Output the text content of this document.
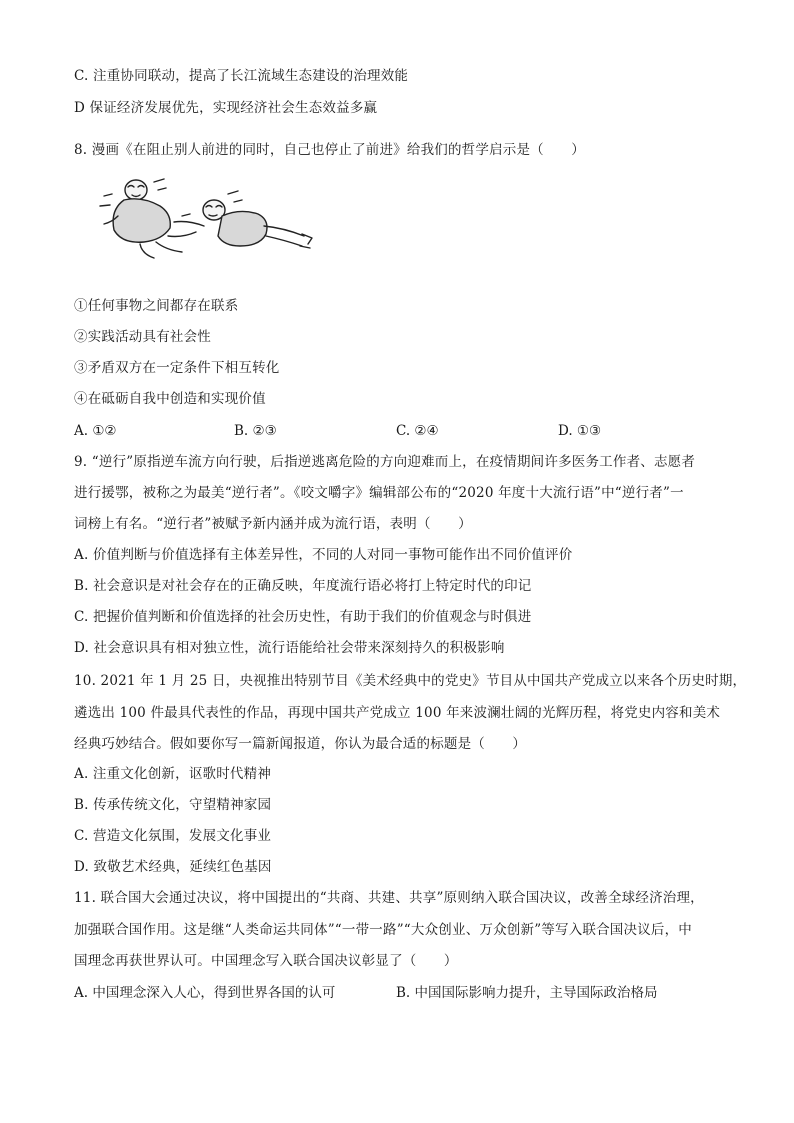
C. 注重协同联动，提高了长江流域生态建设的治理效能
D 保证经济发展优先，实现经济社会生态效益多赢
8. 漫画《在阻止别人前进的同时，自己也停止了前进》给我们的哲学启示是（　　）
①任何事物之间都存在联系
②实践活动具有社会性
③矛盾双方在一定条件下相互转化
④在砥砺自我中创造和实现价值
A. ①②	B. ②③	C. ②④	D. ①③
9. “逆行”原指逆车流方向行驶，后指逆逃离危险的方向迎难而上，在疫情期间许多医务工作者、志愿者
进行援鄂，被称之为最美“逆行者”。《咬文嚼字》编辑部公布的“2020 年度十大流行语”中“逆行者”一
词榜上有名。“逆行者”被赋予新内涵并成为流行语，表明（　　）
A. 价值判断与价值选择有主体差异性，不同的人对同一事物可能作出不同价值评价
B. 社会意识是对社会存在的正确反映，年度流行语必将打上特定时代的印记
C. 把握价值判断和价值选择的社会历史性，有助于我们的价值观念与时俱进
D. 社会意识具有相对独立性，流行语能给社会带来深刻持久的积极影响
10. 2021 年 1 月 25 日，央视推出特别节目《美术经典中的党史》节目从中国共产党成立以来各个历史时期，
遴选出 100 件最具代表性的作品，再现中国共产党成立 100 年来波澜壮阔的光辉历程，将党史内容和美术
经典巧妙结合。假如要你写一篇新闻报道，你认为最合适的标题是（　　）
A. 注重文化创新，讴歌时代精神
B. 传承传统文化，守望精神家园
C. 营造文化氛围，发展文化事业
D. 致敬艺术经典，延续红色基因
11. 联合国大会通过决议，将中国提出的“共商、共建、共享”原则纳入联合国决议，改善全球经济治理，
加强联合国作用。这是继“人类命运共同体”“一带一路”“大众创业、万众创新”等写入联合国决议后，中
国理念再获世界认可。中国理念写入联合国决议彰显了（　　）
A. 中国理念深入人心，得到世界各国的认可	B. 中国国际影响力提升，主导国际政治格局
